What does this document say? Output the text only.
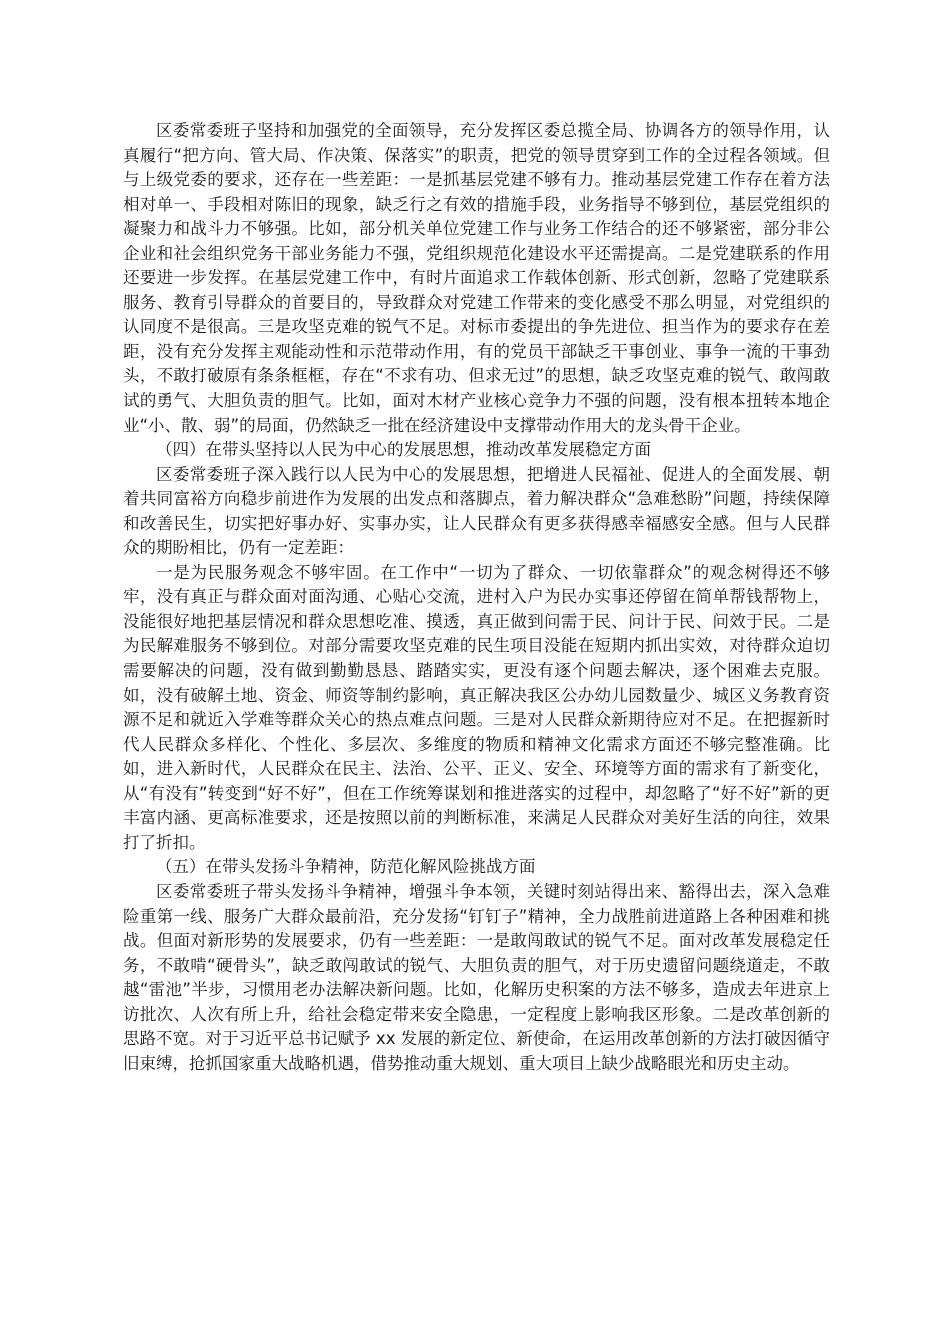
区委常委班子坚持和加强党的全面领导，充分发挥区委总揽全局、协调各方的领导作用，认真履行“把方向、管大局、作决策、保落实”的职责，把党的领导贯穿到工作的全过程各领域。但与上级党委的要求，还存在一些差距：一是抓基层党建不够有力。推动基层党建工作存在着方法相对单一、手段相对陈旧的现象，缺乏行之有效的措施手段，业务指导不够到位，基层党组织的凝聚力和战斗力不够强。比如，部分机关单位党建工作与业务工作结合的还不够紧密，部分非公企业和社会组织党务干部业务能力不强，党组织规范化建设水平还需提高。二是党建联系的作用还要进一步发挥。在基层党建工作中，有时片面追求工作载体创新、形式创新，忽略了党建联系服务、教育引导群众的首要目的，导致群众对党建工作带来的变化感受不那么明显，对党组织的认同度不是很高。三是攻坚克难的锐气不足。对标市委提出的争先进位、担当作为的要求存在差距，没有充分发挥主观能动性和示范带动作用，有的党员干部缺乏干事创业、事争一流的干事劲头，不敢打破原有条条框框，存在“不求有功、但求无过”的思想，缺乏攻坚克难的锐气、敢闯敢试的勇气、大胆负责的胆气。比如，面对木材产业核心竞争力不强的问题，没有根本扭转本地企业“小、散、弱”的局面，仍然缺乏一批在经济建设中支撑带动作用大的龙头骨干企业。

（四）在带头坚持以人民为中心的发展思想，推动改革发展稳定方面

区委常委班子深入践行以人民为中心的发展思想，把增进人民福祉、促进人的全面发展、朝着共同富裕方向稳步前进作为发展的出发点和落脚点，着力解决群众“急难愁盼”问题，持续保障和改善民生，切实把好事办好、实事办实，让人民群众有更多获得感幸福感安全感。但与人民群众的期盼相比，仍有一定差距：

一是为民服务观念不够牢固。在工作中“一切为了群众、一切依靠群众”的观念树得还不够牢，没有真正与群众面对面沟通、心贴心交流，进村入户为民办实事还停留在简单帮钱帮物上，没能很好地把基层情况和群众思想吃准、摸透，真正做到问需于民、问计于民、问效于民。二是为民解难服务不够到位。对部分需要攻坚克难的民生项目没能在短期内抓出实效，对待群众迫切需要解决的问题，没有做到勤勤恳恳、踏踏实实，更没有逐个问题去解决，逐个困难去克服。如，没有破解土地、资金、师资等制约影响，真正解决我区公办幼儿园数量少、城区义务教育资源不足和就近入学难等群众关心的热点难点问题。三是对人民群众新期待应对不足。在把握新时代人民群众多样化、个性化、多层次、多维度的物质和精神文化需求方面还不够完整准确。比如，进入新时代，人民群众在民主、法治、公平、正义、安全、环境等方面的需求有了新变化，从“有没有”转变到“好不好”，但在工作统筹谋划和推进落实的过程中，却忽略了“好不好”新的更丰富内涵、更高标准要求，还是按照以前的判断标准，来满足人民群众对美好生活的向往，效果打了折扣。

（五）在带头发扬斗争精神，防范化解风险挑战方面

区委常委班子带头发扬斗争精神，增强斗争本领，关键时刻站得出来、豁得出去，深入急难险重第一线、服务广大群众最前沿，充分发扬“钉钉子”精神，全力战胜前进道路上各种困难和挑战。但面对新形势的发展要求，仍有一些差距：一是敢闯敢试的锐气不足。面对改革发展稳定任务，不敢啃“硬骨头”，缺乏敢闯敢试的锐气、大胆负责的胆气，对于历史遗留问题绕道走，不敢越“雷池”半步，习惯用老办法解决新问题。比如，化解历史积案的方法不够多，造成去年进京上访批次、人次有所上升，给社会稳定带来安全隐患，一定程度上影响我区形象。二是改革创新的思路不宽。对于习近平总书记赋予 xx 发展的新定位、新使命，在运用改革创新的方法打破因循守旧束缚，抢抓国家重大战略机遇，借势推动重大规划、重大项目上缺少战略眼光和历史主动。
